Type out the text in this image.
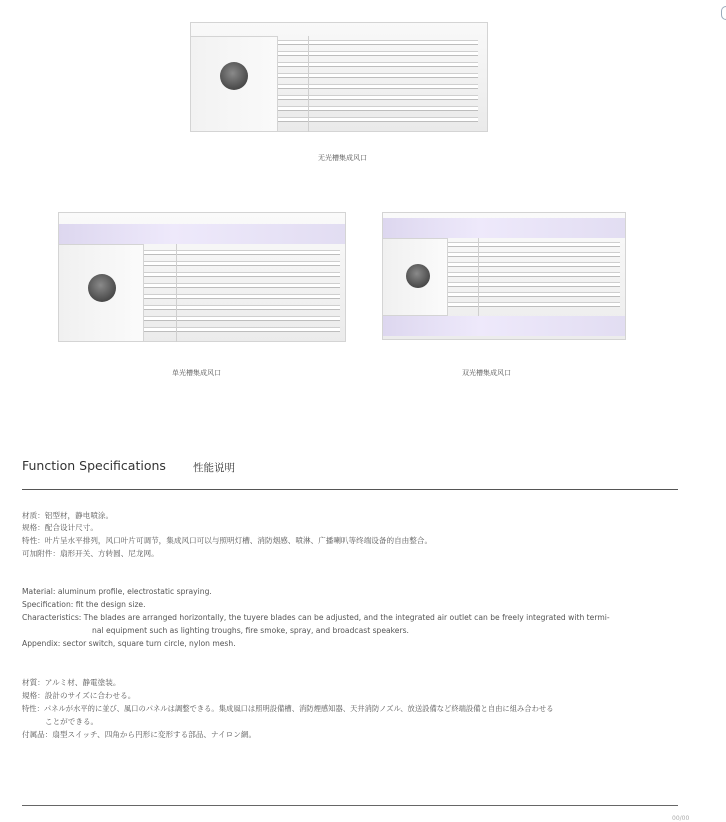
无光槽集成风口
单光槽集成风口	双光槽集成风口
Function Specifications	性能说明
材质：铝型材，静电喷涂。
规格：配合设计尺寸。
特性：叶片呈水平排列，风口叶片可调节，集成风口可以与照明灯槽、消防烟感、喷淋、广播喇叭等终端设备的自由整合。
可加附件：扇形开关、方转圆、尼龙网。
Material: aluminum profile, electrostatic spraying.
Specification: fit the design size.
Characteristics: The blades are arranged horizontally, the tuyere blades can be adjusted, and the integrated air outlet can be freely integrated with termi-
nal equipment such as lighting troughs, fire smoke, spray, and broadcast speakers.
Appendix: sector switch, square turn circle, nylon mesh.
材質：アルミ材、静電塗装。
規格：設計のサイズに合わせる。
特性：パネルが水平的に並び、風口のパネルは調整できる。集成風口は照明設備槽、消防煙感知器、天井消防ノズル、放送設備など終端設備と自由に組み合わせる
ことができる。
付属品：扇型スイッチ、四角から円形に変形する部品、ナイロン網。
00/00
